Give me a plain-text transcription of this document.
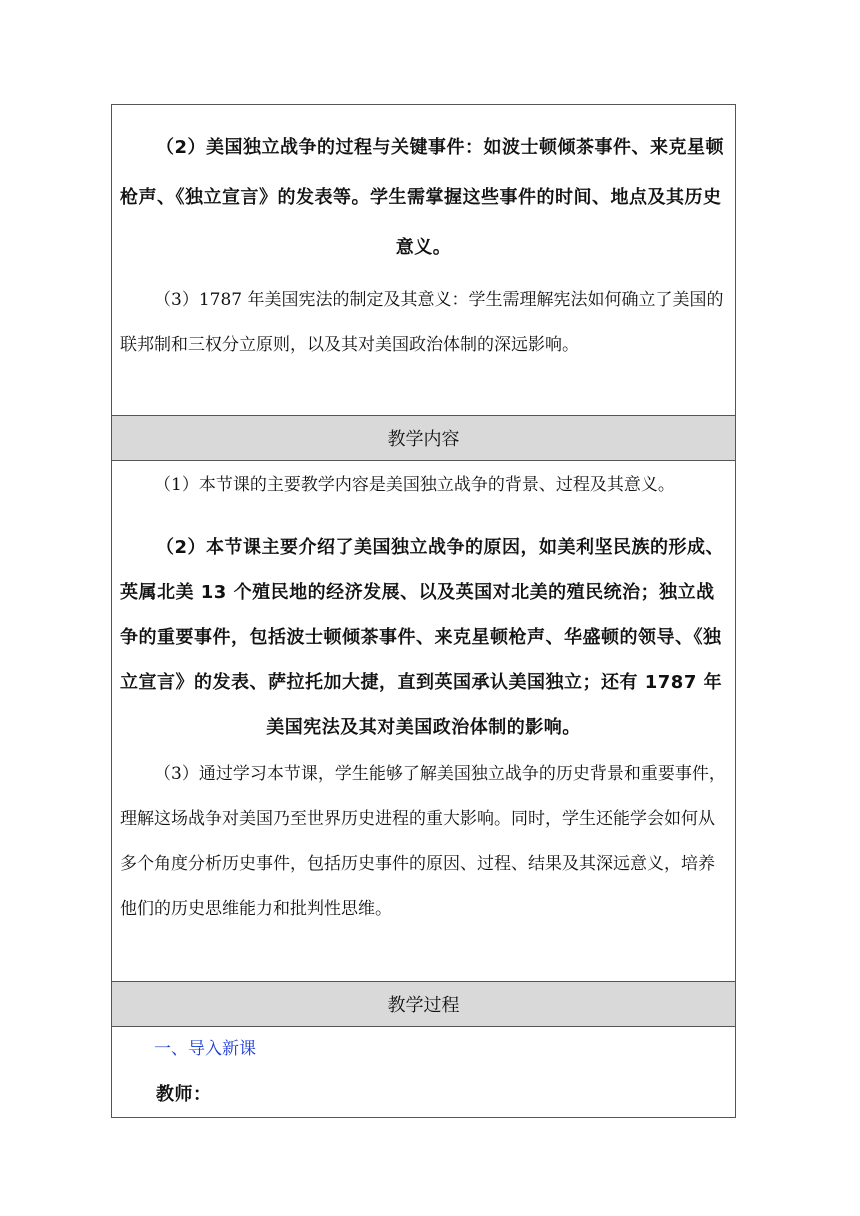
（2）美国独立战争的过程与关键事件：如波士顿倾茶事件、来克星顿枪声、《独立宣言》的发表等。学生需掌握这些事件的时间、地点及其历史意义。

（3）1787 年美国宪法的制定及其意义：学生需理解宪法如何确立了美国的联邦制和三权分立原则，以及其对美国政治体制的深远影响。

教学内容

（1）本节课的主要教学内容是美国独立战争的背景、过程及其意义。

（2）本节课主要介绍了美国独立战争的原因，如美利坚民族的形成、英属北美 13 个殖民地的经济发展、以及英国对北美的殖民统治；独立战争的重要事件，包括波士顿倾茶事件、来克星顿枪声、华盛顿的领导、《独立宣言》的发表、萨拉托加大捷，直到英国承认美国独立；还有 1787 年美国宪法及其对美国政治体制的影响。

（3）通过学习本节课，学生能够了解美国独立战争的历史背景和重要事件，理解这场战争对美国乃至世界历史进程的重大影响。同时，学生还能学会如何从多个角度分析历史事件，包括历史事件的原因、过程、结果及其深远意义，培养他们的历史思维能力和批判性思维。

教学过程

一、导入新课

教师：
